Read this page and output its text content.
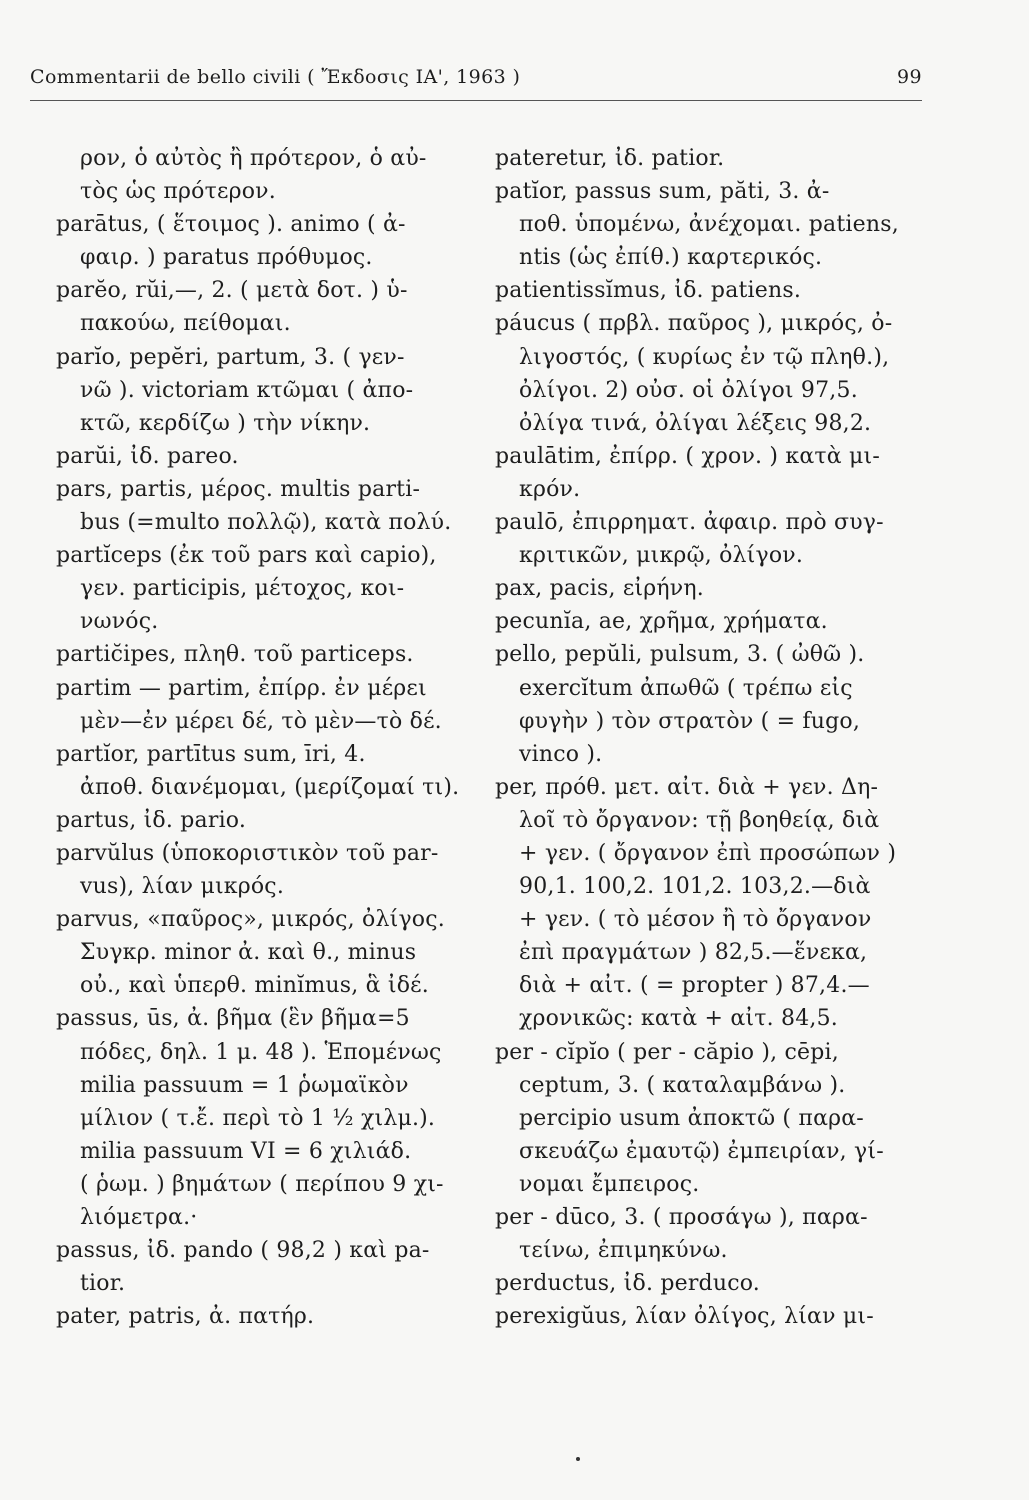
Commentarii de bello civili ( Ἔκδοσις ΙΑ', 1963 )	99
ρον, ὁ αὐτὸς ἢ πρότερον, ὁ αὐ-
τὸς ὡς πρότερον.
parātus, ( ἕτοιμος ). animo ( ἀ-
φαιρ. ) paratus πρόθυμος.
parĕo, rŭi,—, 2. ( μετὰ δοτ. ) ὑ-
πακούω, πείθομαι.
parĭo, pepĕri, partum, 3. ( γεν-
νῶ ). victoriam κτῶμαι ( ἀπο-
κτῶ, κερδίζω ) τὴν νίκην.
parŭi, ἰδ. pareo.
pars, partis, μέρος. multis parti-
bus (=multo πολλῷ), κατὰ πολύ.
partĭceps (ἐκ τοῦ pars καὶ capio),
γεν. participis, μέτοχος, κοι-
νωνός.
partic̆ipes, πληθ. τοῦ particeps.
partim — partim, ἐπίρρ. ἐν μέρει
μὲν—ἐν μέρει δέ, τὸ μὲν—τὸ δέ.
partĭor, partītus sum, īri, 4.
ἀποθ. διανέμομαι, (μερίζομαί τι).
partus, ἰδ. pario.
parvŭlus (ὑποκοριστικὸν τοῦ par-
vus), λίαν μικρός.
parvus, «παῦρος», μικρός, ὀλίγος.
Συγκρ. minor ἀ. καὶ θ., minus
οὐ., καὶ ὑπερθ. minĭmus, ἃ ἰδέ.
passus, ūs, ἀ. βῆμα (ἓν βῆμα=5
πόδες, δηλ. 1 μ. 48 ). Ἑπομένως
milia passuum = 1 ῥωμαϊκὸν
μίλιον ( τ.ἔ. περὶ τὸ 1 ½ χιλμ.).
milia passuum VI = 6 χιλιάδ.
( ῥωμ. ) βημάτων ( περίπου 9 χι-
λιόμετρα.·
passus, ἰδ. pando ( 98,2 ) καὶ pa-
tior.
pater, patris, ἀ. πατήρ.
pateretur, ἰδ. patior.
patĭor, passus sum, păti, 3. ἀ-
ποθ. ὑπομένω, ἀνέχομαι. patiens,
ntis (ὡς ἐπίθ.) καρτερικός.
patientissĭmus, ἰδ. patiens.
páucus ( πρβλ. παῦρος ), μικρός, ὀ-
λιγοστός, ( κυρίως ἐν τῷ πληθ.),
ὀλίγοι. 2) οὐσ. οἱ ὀλίγοι 97,5.
ὀλίγα τινά, ὀλίγαι λέξεις 98,2.
paulātim, ἐπίρρ. ( χρον. ) κατὰ μι-
κρόν.
paulō, ἐπιρρηματ. ἀφαιρ. πρὸ συγ-
κριτικῶν, μικρῷ, ὀλίγον.
pax, pacis, εἰρήνη.
pecunĭa, ae, χρῆμα, χρήματα.
pello, pepŭli, pulsum, 3. ( ὠθῶ ).
exercĭtum ἀπωθῶ ( τρέπω εἰς
φυγὴν ) τὸν στρατὸν ( = fugo,
vinco ).
per, πρόθ. μετ. αἰτ. διὰ + γεν. Δη-
λοῖ τὸ ὄργανον: τῇ βοηθείᾳ, διὰ
+ γεν. ( ὄργανον ἐπὶ προσώπων )
90,1. 100,2. 101,2. 103,2.—διὰ
+ γεν. ( τὸ μέσον ἢ τὸ ὄργανον
ἐπὶ πραγμάτων ) 82,5.—ἕνεκα,
διὰ + αἰτ. ( = propter ) 87,4.—
χρονικῶς: κατὰ + αἰτ. 84,5.
per - cĭpĭo ( per - căpio ), cēpi,
ceptum, 3. ( καταλαμβάνω ).
percipio usum ἀποκτῶ ( παρα-
σκευάζω ἐμαυτῷ) ἐμπειρίαν, γί-
νομαι ἔμπειρος.
per - dūco, 3. ( προσάγω ), παρα-
τείνω, ἐπιμηκύνω.
perductus, ἰδ. perduco.
perexigŭus, λίαν ὀλίγος, λίαν μι-
